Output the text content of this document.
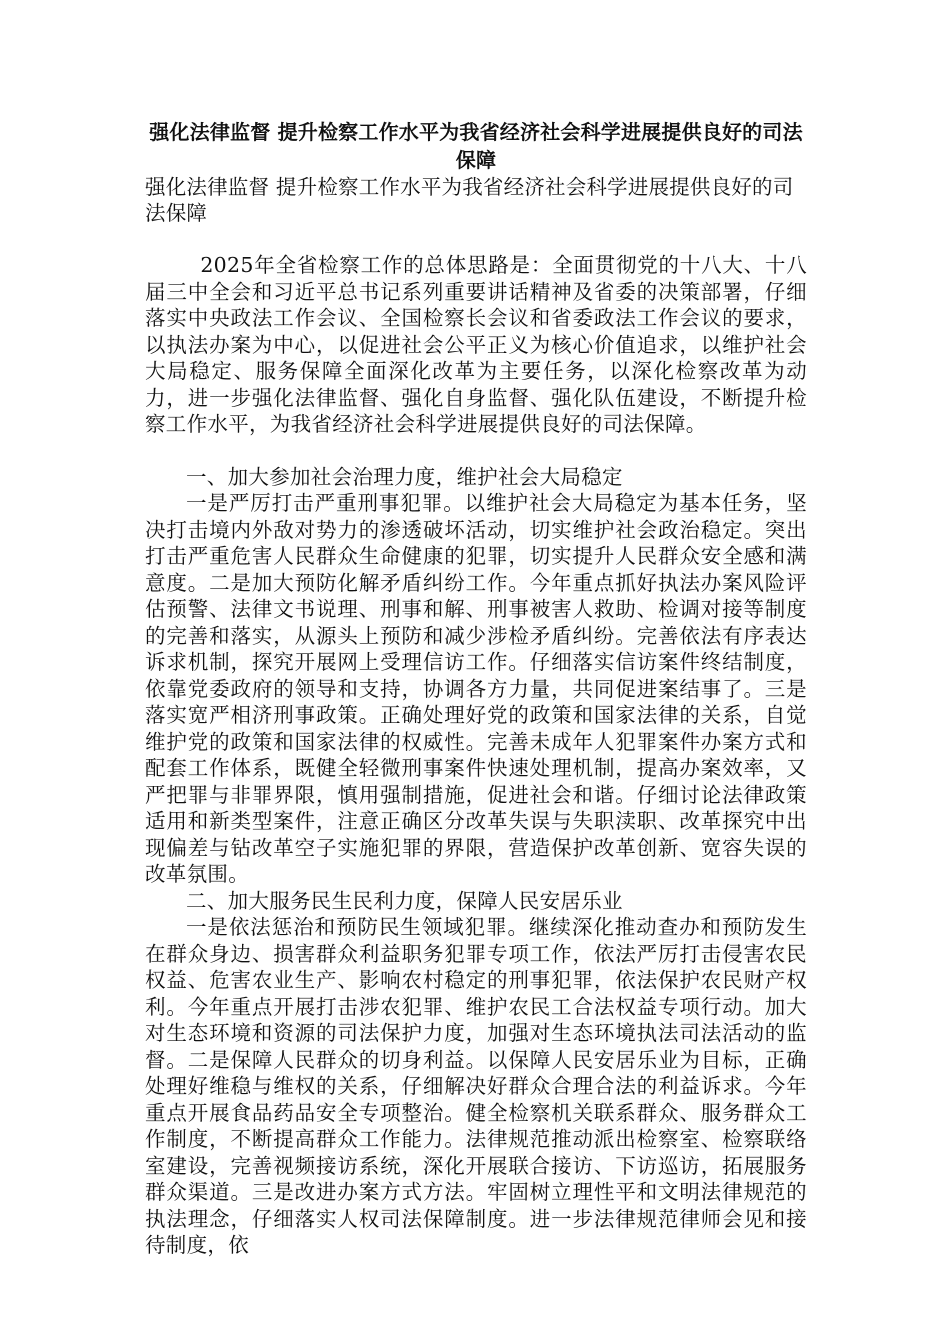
强化法律监督 提升检察工作水平为我省经济社会科学进展提供良好的司法保障

强化法律监督 提升检察工作水平为我省经济社会科学进展提供良好的司法保障

2025年全省检察工作的总体思路是：全面贯彻党的十八大、十八届三中全会和习近平总书记系列重要讲话精神及省委的决策部署，仔细落实中央政法工作会议、全国检察长会议和省委政法工作会议的要求，以执法办案为中心，以促进社会公平正义为核心价值追求，以维护社会大局稳定、服务保障全面深化改革为主要任务，以深化检察改革为动力，进一步强化法律监督、强化自身监督、强化队伍建设，不断提升检察工作水平，为我省经济社会科学进展提供良好的司法保障。

一、加大参加社会治理力度，维护社会大局稳定

一是严厉打击严重刑事犯罪。以维护社会大局稳定为基本任务，坚决打击境内外敌对势力的渗透破坏活动，切实维护社会政治稳定。突出打击严重危害人民群众生命健康的犯罪，切实提升人民群众安全感和满意度。二是加大预防化解矛盾纠纷工作。今年重点抓好执法办案风险评估预警、法律文书说理、刑事和解、刑事被害人救助、检调对接等制度的完善和落实，从源头上预防和减少涉检矛盾纠纷。完善依法有序表达诉求机制，探究开展网上受理信访工作。仔细落实信访案件终结制度，依靠党委政府的领导和支持，协调各方力量，共同促进案结事了。三是落实宽严相济刑事政策。正确处理好党的政策和国家法律的关系，自觉维护党的政策和国家法律的权威性。完善未成年人犯罪案件办案方式和配套工作体系，既健全轻微刑事案件快速处理机制，提高办案效率，又严把罪与非罪界限，慎用强制措施，促进社会和谐。仔细讨论法律政策适用和新类型案件，注意正确区分改革失误与失职渎职、改革探究中出现偏差与钻改革空子实施犯罪的界限，营造保护改革创新、宽容失误的改革氛围。

二、加大服务民生民利力度，保障人民安居乐业

一是依法惩治和预防民生领域犯罪。继续深化推动查办和预防发生在群众身边、损害群众利益职务犯罪专项工作，依法严厉打击侵害农民权益、危害农业生产、影响农村稳定的刑事犯罪，依法保护农民财产权利。今年重点开展打击涉农犯罪、维护农民工合法权益专项行动。加大对生态环境和资源的司法保护力度，加强对生态环境执法司法活动的监督。二是保障人民群众的切身利益。以保障人民安居乐业为目标，正确处理好维稳与维权的关系，仔细解决好群众合理合法的利益诉求。今年重点开展食品药品安全专项整治。健全检察机关联系群众、服务群众工作制度，不断提高群众工作能力。法律规范推动派出检察室、检察联络室建设，完善视频接访系统，深化开展联合接访、下访巡访，拓展服务群众渠道。三是改进办案方式方法。牢固树立理性平和文明法律规范的执法理念，仔细落实人权司法保障制度。进一步法律规范律师会见和接待制度，依
